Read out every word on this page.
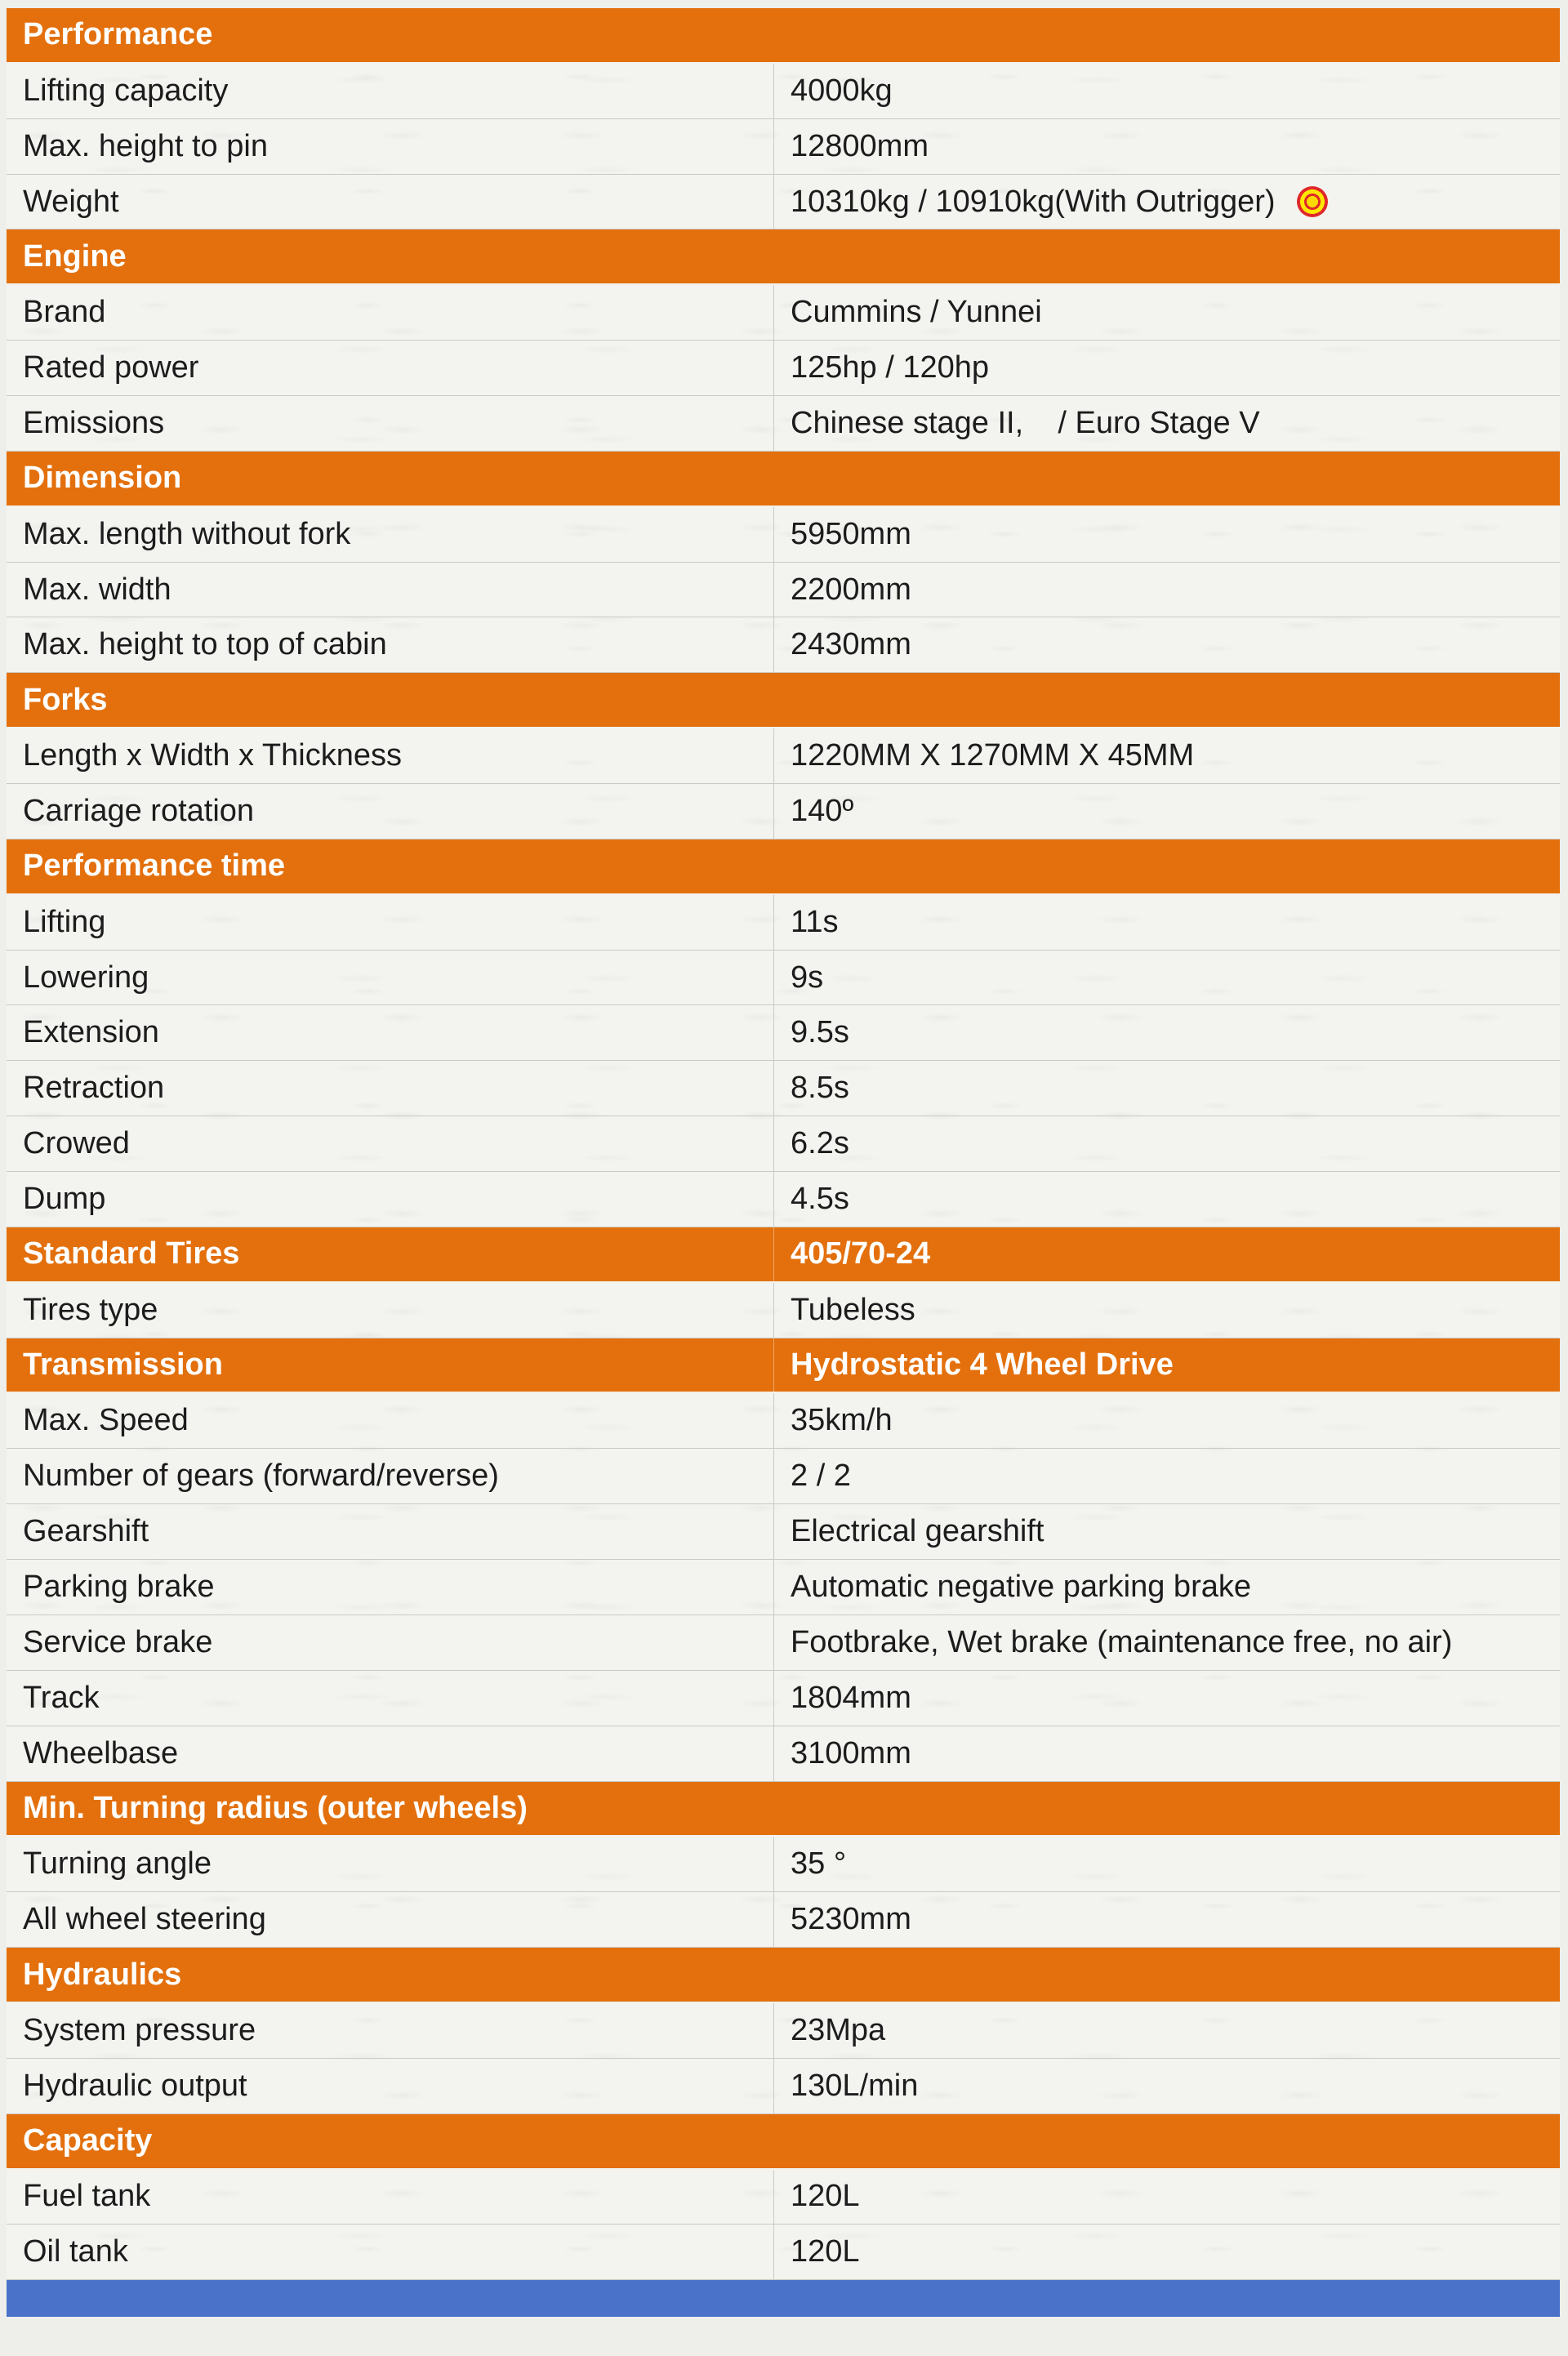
Performance
Lifting capacity	4000kg
Max. height to pin	12800mm
Weight	10310kg / 10910kg(With Outrigger)
Engine
Brand	Cummins / Yunnei
Rated power	125hp / 120hp
Emissions	Chinese stage II,    / Euro Stage V
Dimension
Max. length without fork	5950mm
Max. width	2200mm
Max. height to top of cabin	2430mm
Forks
Length x Width x Thickness	1220MM X 1270MM X 45MM
Carriage rotation	140º
Performance time
Lifting	11s
Lowering	9s
Extension	9.5s
Retraction	8.5s
Crowed	6.2s
Dump	4.5s
Standard Tires	405/70-24
Tires type	Tubeless
Transmission	Hydrostatic 4 Wheel Drive
Max. Speed	35km/h
Number of gears (forward/reverse)	2 / 2
Gearshift	Electrical gearshift
Parking brake	Automatic negative parking brake
Service brake	Footbrake, Wet brake (maintenance free, no air)
Track	1804mm
Wheelbase	3100mm
Min. Turning radius (outer wheels)
Turning angle	35 °
All wheel steering	5230mm
Hydraulics
System pressure	23Mpa
Hydraulic output	130L/min
Capacity
Fuel tank	120L
Oil tank	120L
